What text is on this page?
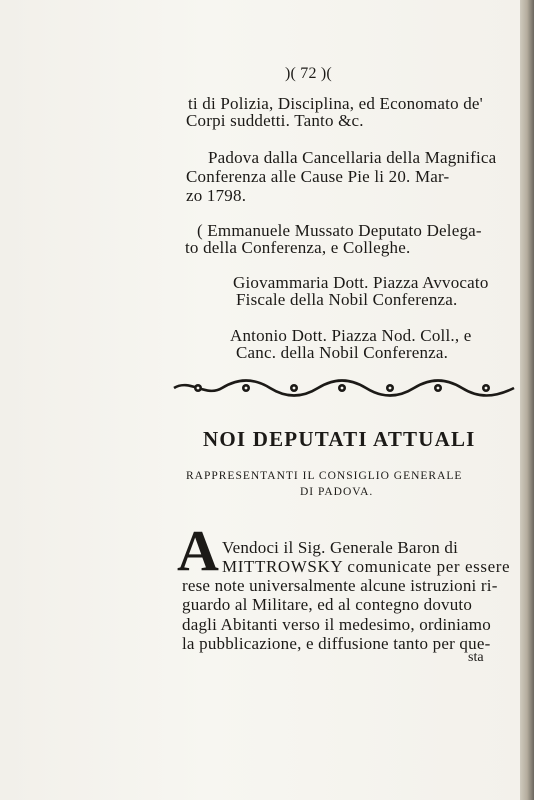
)( 72 )(
ti di Polizia, Disciplina, ed Economato de'
Corpi suddetti. Tanto &c.
Padova dalla Cancellaria della Magnifica
Conferenza alle Cause Pie li 20. Mar-
zo 1798.
( Emmanuele Mussato Deputato Delega-
to della Conferenza, e Colleghe.
Giovammaria Dott. Piazza Avvocato
Fiscale della Nobil Conferenza.
Antonio Dott. Piazza Nod. Coll., e
Canc. della Nobil Conferenza.
NOI DEPUTATI ATTUALI
RAPPRESENTANTI IL CONSIGLIO GENERALE
DI PADOVA.
A Vendoci il Sig. Generale Baron di
MITTROWSKY comunicate per essere
rese note universalmente alcune istruzioni ri-
guardo al Militare, ed al contegno dovuto
dagli Abitanti verso il medesimo, ordiniamo
la pubblicazione, e diffusione tanto per que-
sta
